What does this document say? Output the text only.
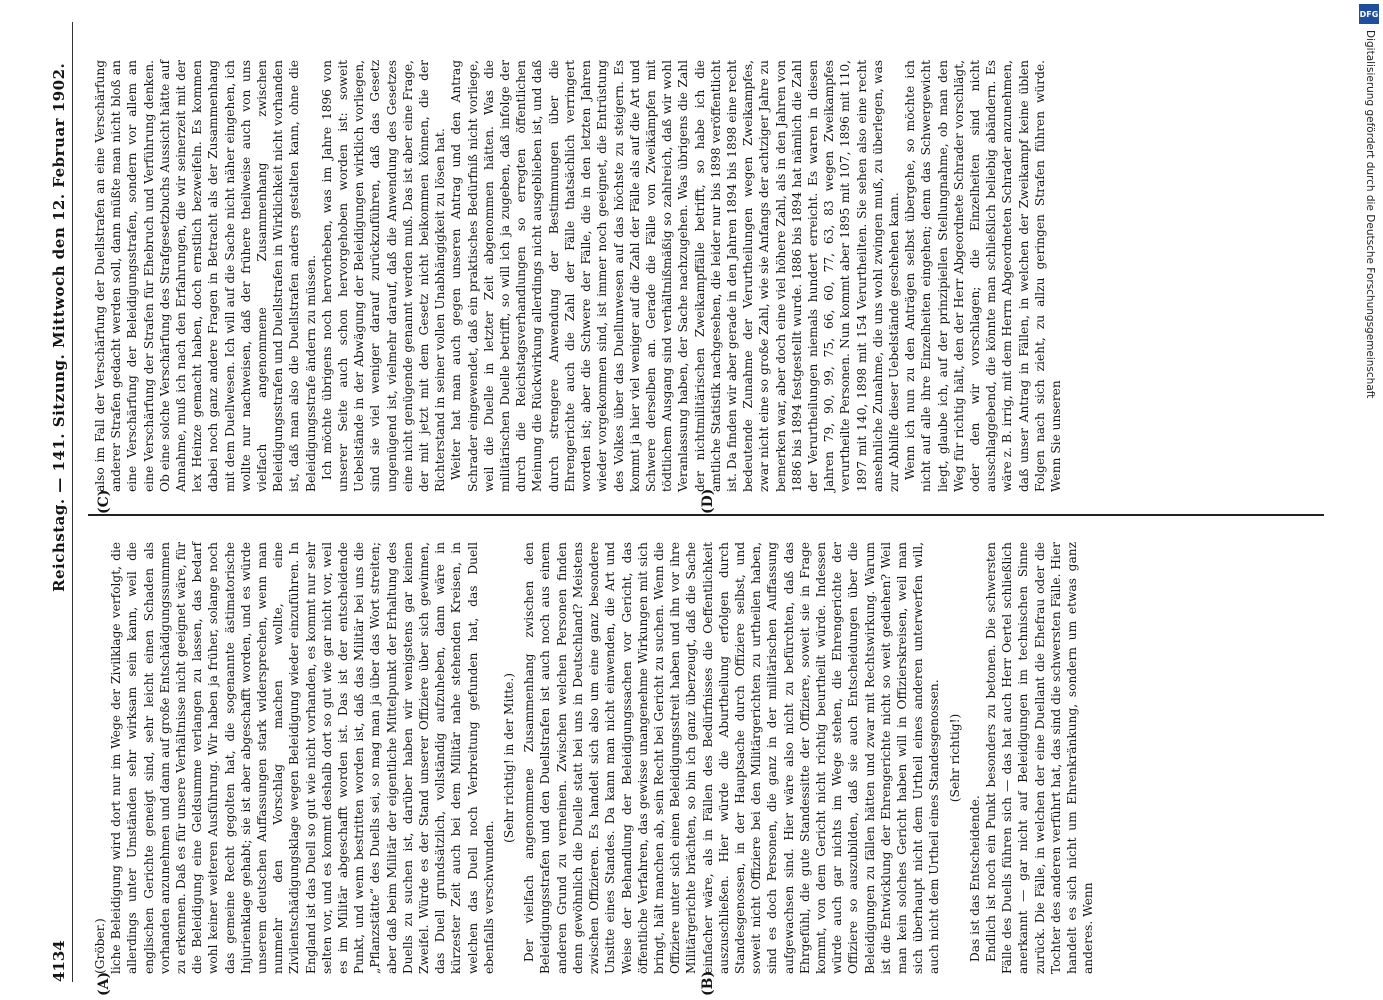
4134
Reichstag. — 141. Sitzung. Mittwoch den 12. Februar 1902.
(A)	(B)
(C)	(D)

(Gröber.) liche Beleidigung wird dort nur im Wege der Zivilklage verfolgt, die allerdings unter Umständen sehr wirksam sein kann, weil die englischen Gerichte geneigt sind, sehr leicht einen Schaden als vorhanden anzunehmen und dann auf große Entschädigungssummen zu erkennen. Daß es für unsere Verhältnisse nicht geeignet wäre, für die Beleidigung eine Geldsumme verlangen zu lassen, das bedarf wohl keiner weiteren Ausführung. Wir haben ja früher, solange noch das gemeine Recht gegolten hat, die sogenannte ästimatorische Injurienklage gehabt; sie ist aber abgeschafft worden, und es würde unserem deutschen Auffassungen stark widersprechen, wenn man nunmehr den Vorschlag machen wollte, eine Zivilentschädigungsklage wegen Beleidigung wieder einzuführen. In England ist das Duell so gut wie nicht vorhanden, es kommt nur sehr selten vor, und es kommt deshalb dort so gut wie gar nicht vor, weil es im Militär abgeschafft worden ist. Das ist der entscheidende Punkt, und wenn bestritten worden ist, daß das Militär bei uns die „Pflanzstätte“ des Duells sei, so mag man ja über das Wort streiten; aber daß beim Militär der eigentliche Mittelpunkt der Erhaltung des Duells zu suchen ist, darüber haben wir wenigstens gar keinen Zweifel. Würde es der Stand unserer Offiziere über sich gewinnen, das Duell grundsätzlich, vollständig aufzuheben, dann wäre in kürzester Zeit auch bei dem Militär nahe stehenden Kreisen, in welchen das Duell noch Verbreitung gefunden hat, das Duell ebenfalls verschwunden.

(Sehr richtig! in der Mitte.) Der vielfach angenommene Zusammenhang zwischen den Beleidigungsstrafen und den Duellstrafen ist auch noch aus einem anderen Grund zu verneinen. Zwischen welchen Personen finden denn gewöhnlich die Duelle statt bei uns in Deutschland? Meistens zwischen Offizieren. Es handelt sich also um eine ganz besondere Unsitte eines Standes. Da kann man nicht einwenden, die Art und Weise der Behandlung der Beleidigungssachen vor Gericht, das öffentliche Verfahren, das gewisse unangenehme Wirkungen mit sich bringt, hält manchen ab, sein Recht bei Gericht zu suchen. Wenn die Offiziere unter sich einen Beleidigungsstreit haben und ihn vor ihre Militärgerichte brächten, so bin ich ganz überzeugt, daß die Sache einfacher wäre, als in Fällen des Bedürfnisses die Oeffentlichkeit auszuschließen. Hier würde die Aburtheilung erfolgen durch Standesgenossen, in der Hauptsache durch Offiziere selbst, und soweit nicht Offiziere bei den Militärgerichten zu urtheilen haben, sind es doch Personen, die ganz in der militärischen Auffassung aufgewachsen sind. Hier wäre also nicht zu befürchten, daß das Ehrgefühl, die gute Standessitte der Offiziere, soweit sie in Frage kommt, von dem Gericht nicht richtig beurtheilt würde. Indessen würde auch gar nichts im Wege stehen, die Ehrengerichte der Offiziere so auszubilden, daß sie auch Entscheidungen über die Beleidigungen zu fällen hätten und zwar mit Rechtswirkung. Warum ist die Entwicklung der Ehrengerichte nicht so weit gediehen? Weil man kein solches Gericht haben will in Offizierskreisen, weil man sich überhaupt nicht dem Urtheil eines anderen unterwerfen will, auch nicht dem Urtheil eines Standesgenossen. (Sehr richtig!)

Das ist das Entscheidende. Endlich ist noch ein Punkt besonders zu betonen. Die schwersten Fälle des Duells führen sich — das hat auch Herr Oertel schließlich anerkannt — gar nicht auf Beleidigungen im technischen Sinne zurück. Die Fälle, in welchen der eine Duellant die Ehefrau oder die Tochter des anderen verführt hat, das sind die schwersten Fälle. Hier handelt es sich nicht um Ehrenkränkung, sondern um etwas ganz anderes. Wenn

also im Fall der Verschärfung der Duellstrafen an eine Verschärfung anderer Strafen gedacht werden soll, dann müßte man nicht bloß an eine Verschärfung der Beleidigungsstrafen, sondern vor allem an eine Verschärfung der Strafen für Ehebruch und Verführung denken. Ob eine solche Verschärfung des Strafgesetzbuchs Aussicht hätte auf Annahme, muß ich nach den Erfahrungen, die wir seinerzeit mit der lex Heinze gemacht haben, doch ernstlich bezweifeln. Es kommen dabei noch ganz andere Fragen in Betracht als der Zusammenhang mit dem Duellwesen. Ich will auf die Sache nicht näher eingehen, ich wollte nur nachweisen, daß der frühere theilweise auch von uns vielfach angenommene Zusammenhang zwischen Beleidigungsstrafen und Duellstrafen in Wirklichkeit nicht vorhanden ist, daß man also die Duellstrafen anders gestalten kann, ohne die Beleidigungsstrafe ändern zu müssen. Ich möchte übrigens noch hervorheben, was im Jahre 1896 von unserer Seite auch schon hervorgehoben worden ist: soweit Uebelstände in der Abwägung der Beleidigungen wirklich vorliegen, sind sie viel weniger darauf zurückzuführen, daß das Gesetz ungenügend ist, vielmehr darauf, daß die Anwendung des Gesetzes eine nicht genügende genannt werden muß. Das ist aber eine Frage, der mit jetzt mit dem Gesetz nicht beikommen können, die der Richterstand in seiner vollen Unabhängigkeit zu lösen hat. Weiter hat man auch gegen unseren Antrag und den Antrag Schrader eingewendet, daß ein praktisches Bedürfniß nicht vorliege, weil die Duelle in letzter Zeit abgenommen hätten. Was die militärischen Duelle betrifft, so will ich ja zugeben, daß infolge der durch die Reichstagsverhandlungen so erregten öffentlichen Meinung die Rückwirkung allerdings nicht ausgeblieben ist, und daß durch strengere Anwendung der Bestimmungen über die Ehrengerichte auch die Zahl der Fälle thatsächlich verringert worden ist; aber die Schwere der Fälle, die in den letzten Jahren wieder vorgekommen sind, ist immer noch geeignet, die Entrüstung des Volkes über das Duellunwesen auf das höchste zu steigern. Es kommt ja hier viel weniger auf die Zahl der Fälle als auf die Art und Schwere derselben an. Gerade die Fälle von Zweikämpfen mit tödtlichem Ausgang sind verhältnißmäßig so zahlreich, daß wir wohl Veranlassung haben, der Sache nachzugehen. Was übrigens die Zahl der nichtmilitärischen Zweikampffälle betrifft, so habe ich die amtliche Statistik nachgesehen, die leider nur bis 1898 veröffentlicht ist. Da finden wir aber gerade in den Jahren 1894 bis 1898 eine recht bedeutende Zunahme der Verurtheilungen wegen Zweikampfes, zwar nicht eine so große Zahl, wie sie Anfangs der achtziger Jahre zu bemerken war, aber doch eine viel höhere Zahl, als in den Jahren von 1886 bis 1894 festgestellt wurde. 1886 bis 1894 hat nämlich die Zahl der Verurtheilungen niemals hundert erreicht. Es waren in diesen Jahren 79, 90, 99, 75, 66, 60, 77, 63, 83 wegen Zweikampfes verurtheilte Personen. Nun kommt aber 1895 mit 107, 1896 mit 110, 1897 mit 140, 1898 mit 154 Verurtheilten. Sie sehen also eine recht ansehnliche Zunahme, die uns wohl zwingen muß, zu überlegen, was zur Abhilfe dieser Uebelstände geschehen kann. Wenn ich nun zu den Anträgen selbst übergehe, so möchte ich nicht auf alle ihre Einzelheiten eingehen; denn das Schwergewicht liegt, glaube ich, auf der prinzipiellen Stellungnahme, ob man den Weg für richtig hält, den der Herr Abgeordnete Schrader vorschlägt, oder den wir vorschlagen; die Einzelheiten sind nicht ausschlaggebend, die könnte man schließlich beliebig abändern. Es wäre z. B. irrig, mit dem Herrn Abgeordneten Schrader anzunehmen, daß unser Antrag in Fällen, in welchen der Zweikampf keine üblen Folgen nach sich zieht, zu allzu geringen Strafen führen würde. Wenn Sie unseren

DFG
Digitalisierung gefördert durch die Deutsche Forschungsgemeinschaft
